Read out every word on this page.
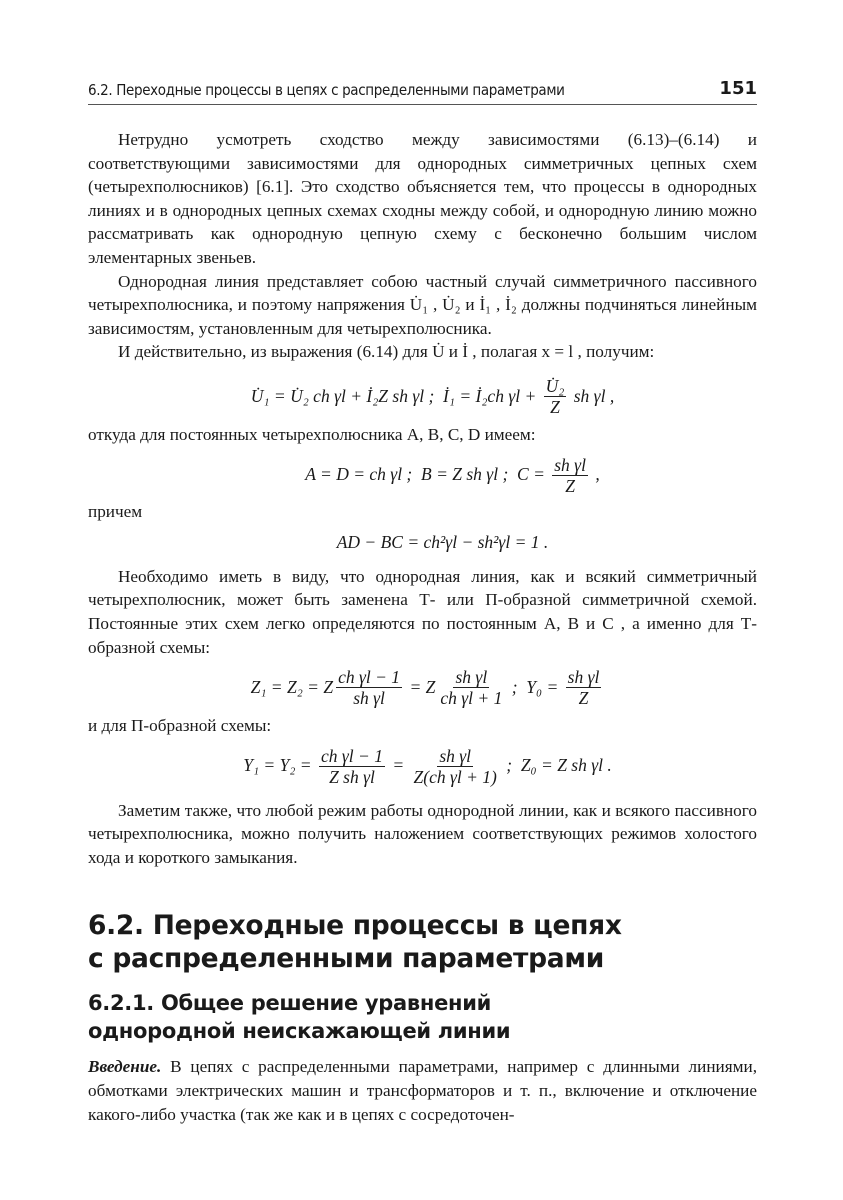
6.2. Переходные процессы в цепях с распределенными параметрами	151

Нетрудно усмотреть сходство между зависимостями (6.13)–(6.14) и соответствующими зависимостями для однородных симметричных цепных схем (четырехполюсников) [6.1]. Это сходство объясняется тем, что процессы в однородных линиях и в однородных цепных схемах сходны между собой, и однородную линию можно рассматривать как однородную цепную схему с бесконечно большим числом элементарных звеньев.

Однородная линия представляет собою частный случай симметричного пассивного четырехполюсника, и поэтому напряжения U̇₁ , U̇₂ и İ₁ , İ₂ должны подчиняться линейным зависимостям, установленным для четырехполюсника.

И действительно, из выражения (6.14) для U̇ и İ , полагая x = l , получим:

U̇₁ = U̇₂ ch γl + İ₂Z sh γl ;  İ₁ = İ₂ch $\gamma l + \frac{\text{U̇₂}}{Z}$ sh γl ,

откуда для постоянных четырехполюсника A, B, C, D имеем:

A = D = ch γl ;  B = Z sh γl ;  $C = \frac{\text{sh γl}}{Z}$ ,

причем

AD − BC = ch²γl − sh²γl = 1 .

Необходимо иметь в виду, что однородная линия, как и всякий симметричный четырехполюсник, может быть заменена Т- или П-образной симметричной схемой. Постоянные этих схем легко определяются по постоянным A, B и C , а именно для Т-образной схемы:

Z₁ = Z₂ = Z $\frac{\text{ch γl − 1}}{\text{sh γl}} = Z \frac{\text{sh γl}}{\text{ch γl + 1}}$ ;  $Y_0 = \frac{\text{sh γl}}{Z}$

и для П-образной схемы:

$Y_1 = Y_2 = \frac{\text{ch γl − 1}}{\text{Z sh γl}} = \frac{\text{sh γl}}{\text{Z(ch γl + 1)}}$ ;  Z₀ = Z sh γl .

Заметим также, что любой режим работы однородной линии, как и всякого пассивного четырехполюсника, можно получить наложением соответствующих режимов холостого хода и короткого замыкания.

6.2. Переходные процессы в цепях
с распределенными параметрами
6.2.1. Общее решение уравнений
однородной неискажающей линии

Введение. В цепях с распределенными параметрами, например с длинными линиями, обмотками электрических машин и трансформаторов и т. п., включение и отключение какого-либо участка (так же как и в цепях с сосредоточен-
